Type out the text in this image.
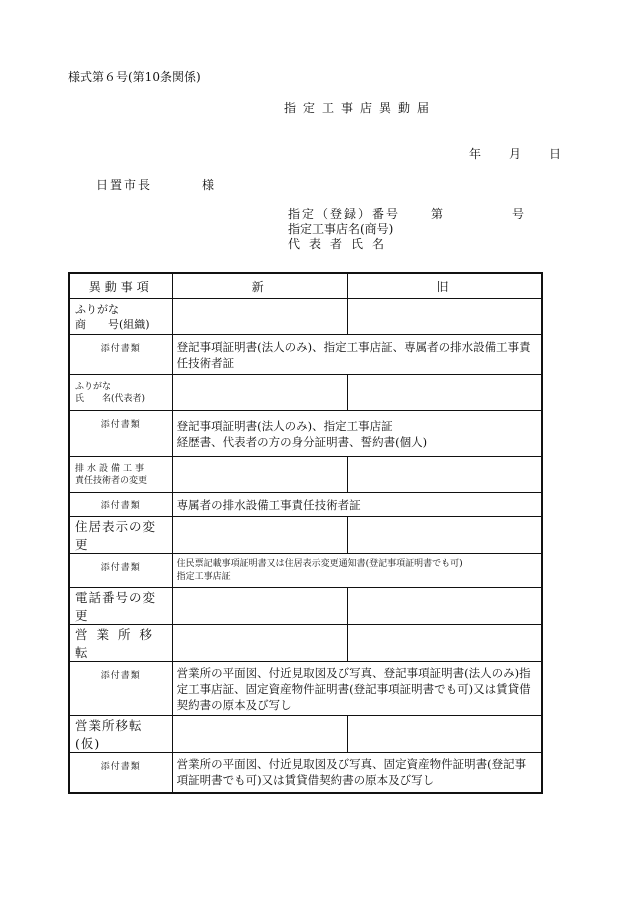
様式第６号(第10条関係)
指定工事店異動届
年 月 日
日置市長	様
指定（登録）番号	第	号
指定工事店名(商号)
代表者氏名
異動事項	新	旧

ふりがな
商　　号(組織)		

添付書類	登記事項証明書(法人のみ)、指定工事店証、専属者の排水設備工事責任技術者証	

ふりがな
氏　　名(代表者)		

添付書類	登記事項証明書(法人のみ)、指定工事店証
経歴書、代表者の方の身分証明書、誓約書(個人)	

排水設備工事
責任技術者の変更		

添付書類	専属者の排水設備工事責任技術者証	
住居表示の変更		
添付書類	住民票記載事項証明書又は住居表示変更通知書(登記事項証明書でも可)
指定工事店証	

電話番号の変更		
営業所移転		
添付書類	営業所の平面図、付近見取図及び写真、登記事項証明書(法人のみ)指定工事店証、固定資産物件証明書(登記事項証明書でも可)又は賃貸借契約書の原本及び写し	
営業所移転(仮)		
添付書類	営業所の平面図、付近見取図及び写真、固定資産物件証明書(登記事項証明書でも可)又は賃貸借契約書の原本及び写し	
